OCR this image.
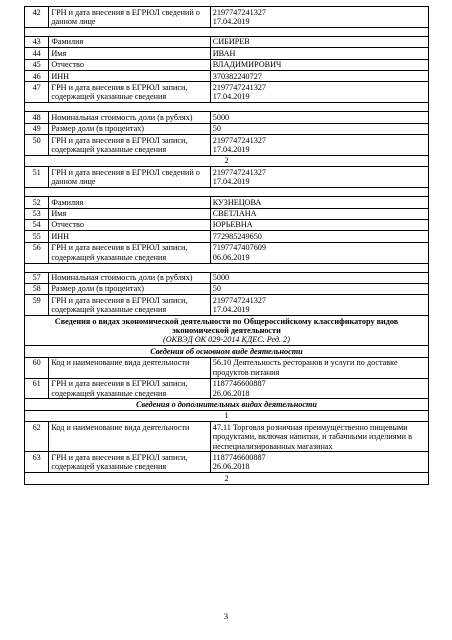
42	ГРН и дата внесения в ЕГРЮЛ сведений о данном лице	2197747241327
17.04.2019

43	Фамилия	СИБИРЕВ
44	Имя	ИВАН
45	Отчество	ВЛАДИМИРОВИЧ
46	ИНН	370382240727
47	ГРН и дата внесения в ЕГРЮЛ записи, содержащей указанные сведения	2197747241327
17.04.2019

48	Номинальная стоимость доли (в рублях)	5000
49	Размер доли (в процентах)	50
50	ГРН и дата внесения в ЕГРЮЛ записи, содержащей указанные сведения	2197747241327
17.04.2019
2		
51	ГРН и дата внесения в ЕГРЮЛ сведений о данном лице	2197747241327
17.04.2019

52	Фамилия	КУЗНЕЦОВА
53	Имя	СВЕТЛАНА
54	Отчество	ЮРЬЕВНА
55	ИНН	772985249650
56	ГРН и дата внесения в ЕГРЮЛ записи, содержащей указанные сведения	7197747407609
06.06.2019

57	Номинальная стоимость доли (в рублях)	5000
58	Размер доли (в процентах)	50
59	ГРН и дата внесения в ЕГРЮЛ записи, содержащей указанные сведения	2197747241327
17.04.2019

Сведения о видах экономической деятельности по Общероссийскому классификатору видов экономической деятельности
(ОКВЭД ОК 029-2014 КДЕС. Ред. 2)		

Сведения об основном виде деятельности		
60	Код и наименование вида деятельности	56.10 Деятельность ресторанов и услуги по доставке продуктов питания
61	ГРН и дата внесения в ЕГРЮЛ записи, содержащей указанные сведения	1187746600887
26.06.2018
Сведения о дополнительных видах деятельности		
1		
62	Код и наименование вида деятельности	47.11 Торговля розничная преимущественно пищевыми продуктами, включая напитки, и табачными изделиями в неспециализированных магазинах
63	ГРН и дата внесения в ЕГРЮЛ записи, содержащей указанные сведения	1187746600887
26.06.2018
2		
3
